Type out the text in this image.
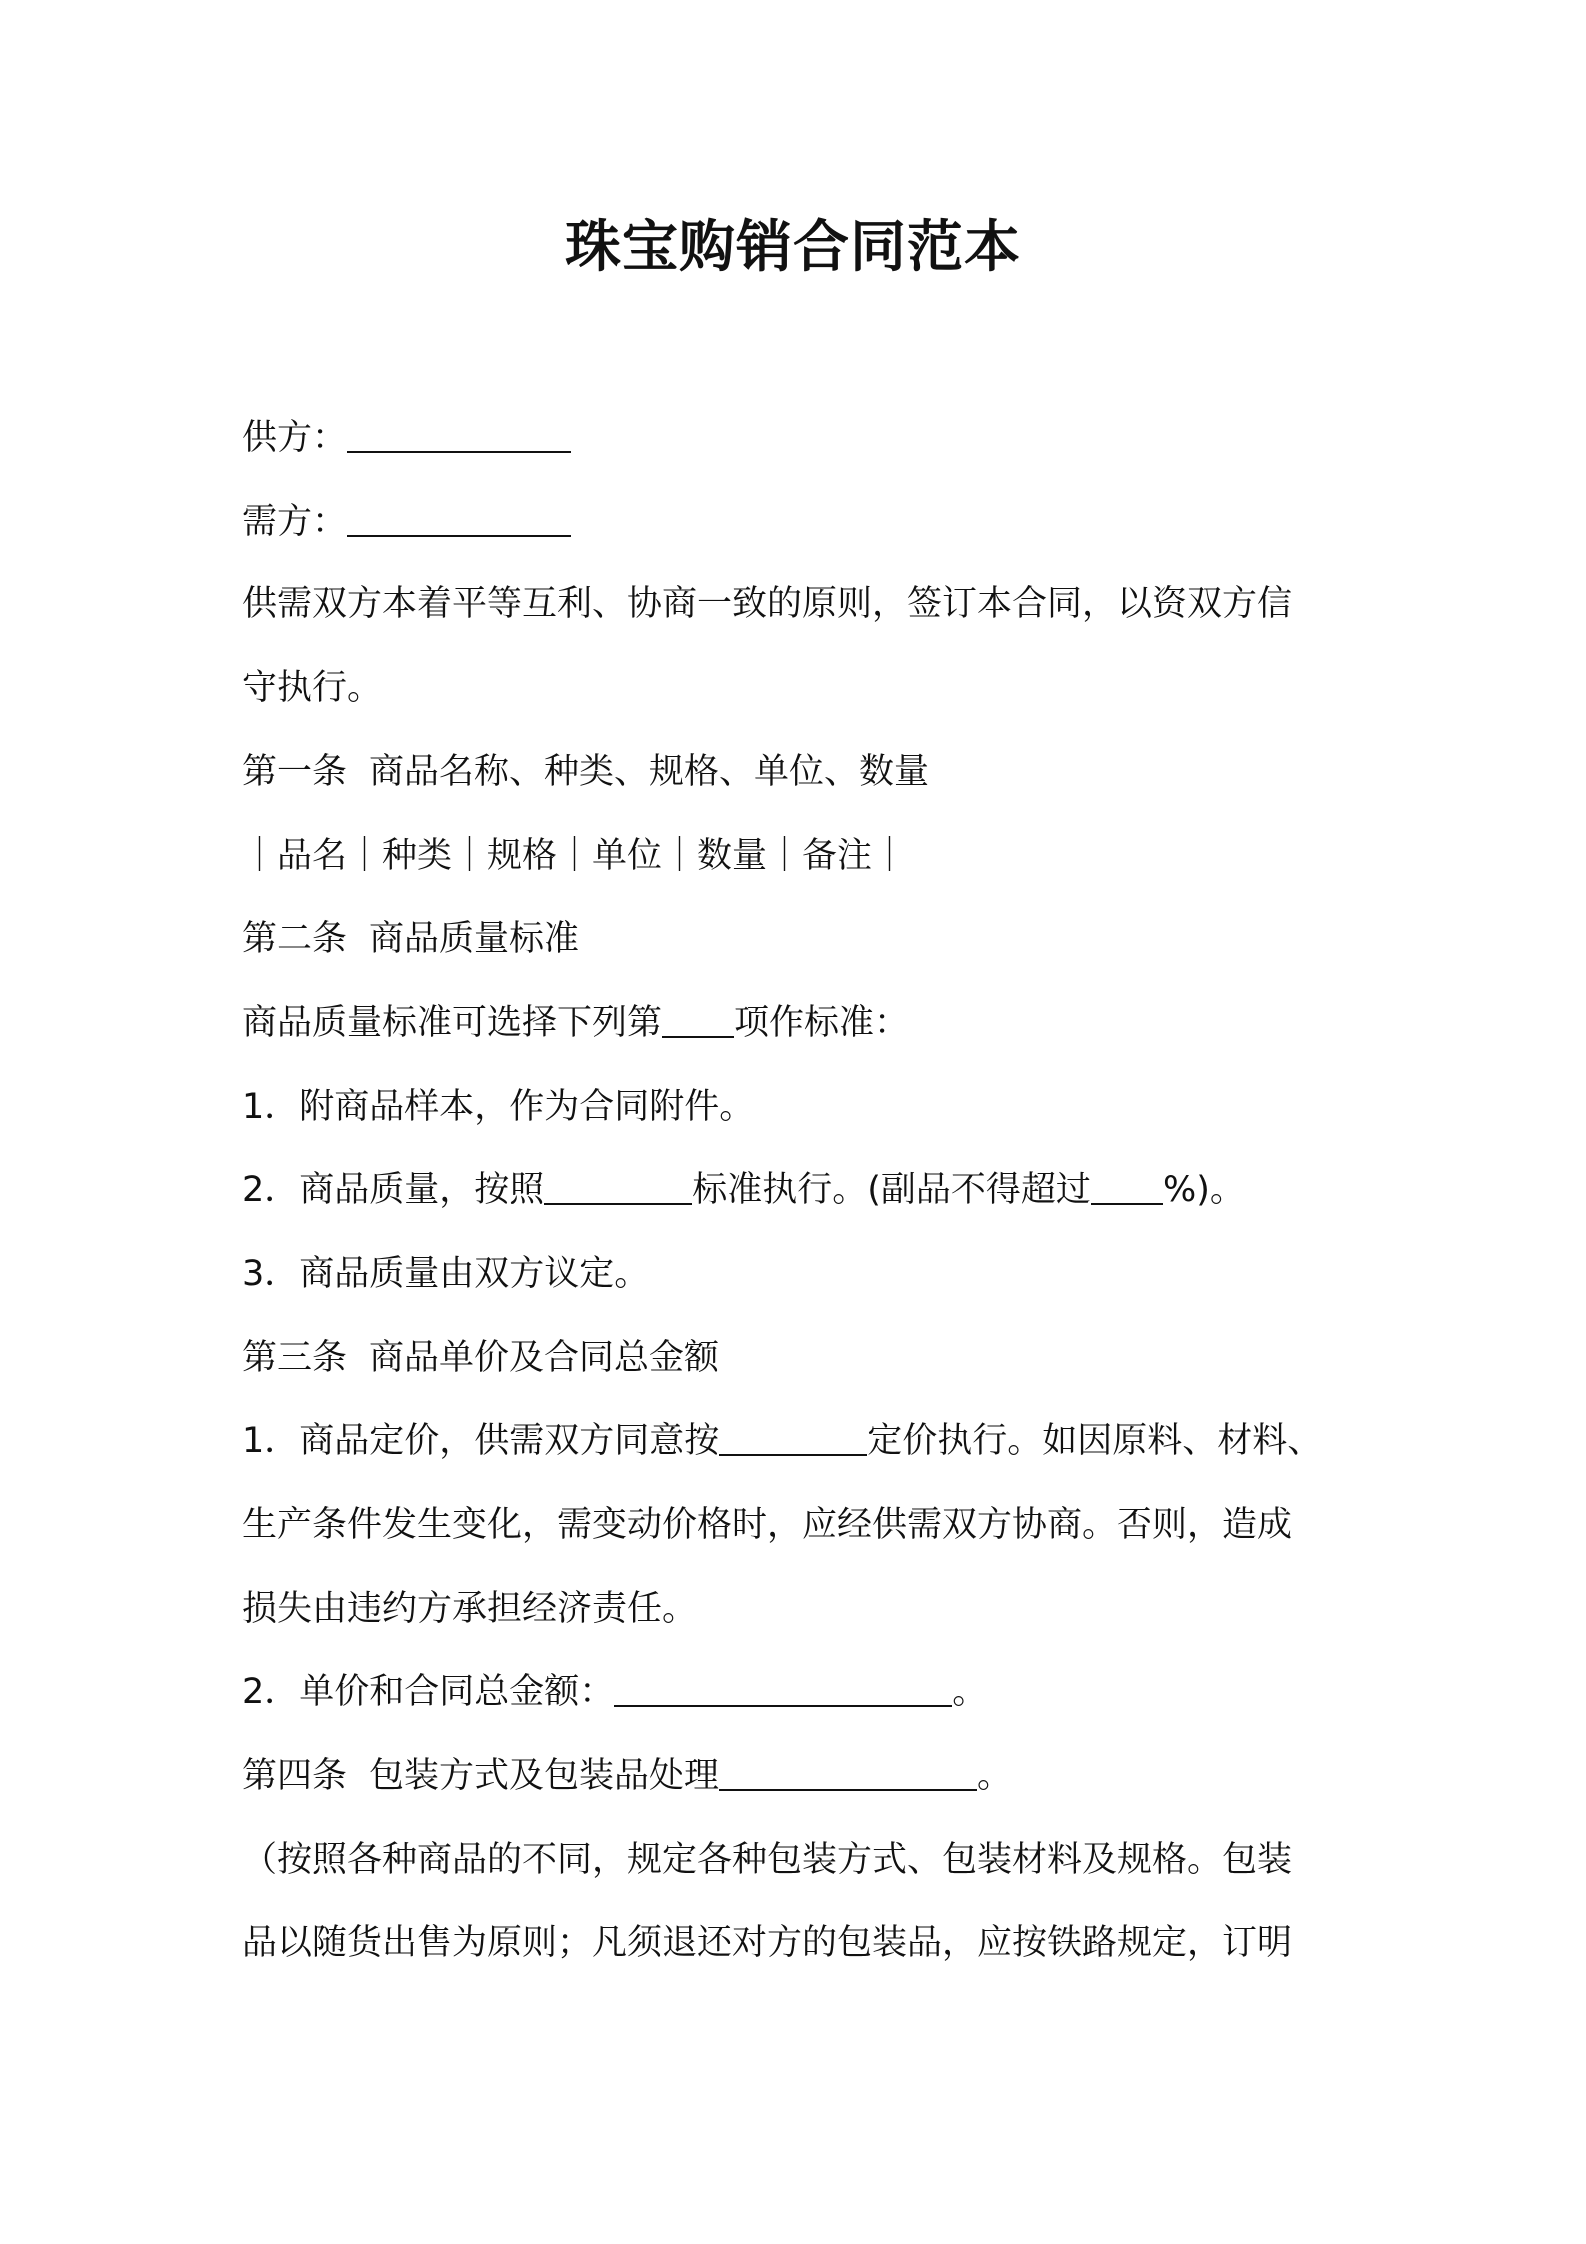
珠宝购销合同范本
供方：
需方：
供需双方本着平等互利、协商一致的原则，签订本合同，以资双方信
守执行。
第一条 商品名称、种类、规格、单位、数量
｜品名｜种类｜规格｜单位｜数量｜备注｜
第二条 商品质量标准
商品质量标准可选择下列第 项作标准：
1．附商品样本，作为合同附件。
2．商品质量，按照	标准执行。(副品不得超过 %)。
3．商品质量由双方议定。
第三条 商品单价及合同总金额
1．商品定价，供需双方同意按	定价执行。如因原料、材料、
生产条件发生变化，需变动价格时，应经供需双方协商。否则，造成
损失由违约方承担经济责任。
2．单价和合同总金额：	。
第四条 包装方式及包装品处理	。
（按照各种商品的不同，规定各种包装方式、包装材料及规格。包装
品以随货出售为原则；凡须退还对方的包装品，应按铁路规定，订明
